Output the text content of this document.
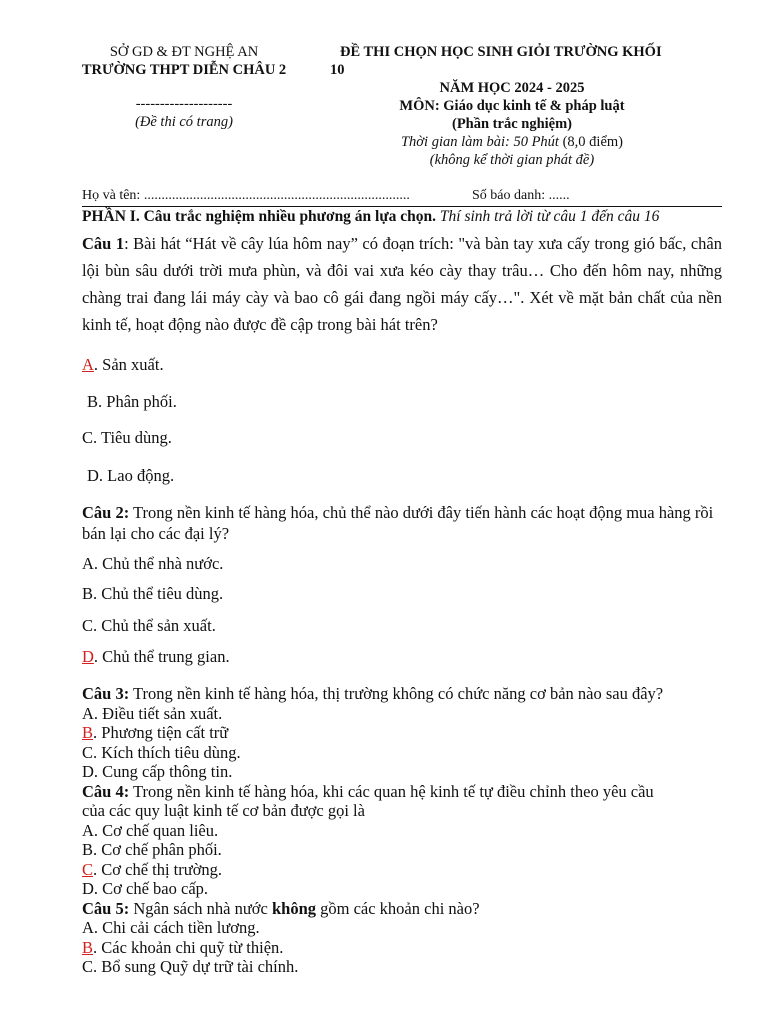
SỞ GD & ĐT NGHỆ AN
TRƯỜNG THPT DIỄN CHÂU 2
--------------------
(Đề thi có trang)
ĐỀ THI CHỌN HỌC SINH GIỎI TRƯỜNG KHỐI
10
NĂM HỌC 2024 - 2025
MÔN: Giáo dục kinh tế & pháp luật
(Phần trắc nghiệm)
Thời gian làm bài: 50 Phút (8,0 điểm)
(không kể thời gian phát đề)
Họ và tên: ............................................................................	Số báo danh: ......
PHẦN I. Câu trắc nghiệm nhiều phương án lựa chọn. Thí sinh trả lời từ câu 1 đến câu 16
Câu 1: Bài hát “Hát về cây lúa hôm nay” có đoạn trích: "và bàn tay xưa cấy trong gió bấc, chân lội bùn sâu dưới trời mưa phùn, và đôi vai xưa kéo cày thay trâu… Cho đến hôm nay, những chàng trai đang lái máy cày và bao cô gái đang ngồi máy cấy…". Xét về mặt bản chất của nền kinh tế, hoạt động nào được đề cập trong bài hát trên?
A. Sản xuất.
B. Phân phối.
C. Tiêu dùng.
D. Lao động.
Câu 2: Trong nền kinh tế hàng hóa, chủ thể nào dưới đây tiến hành các hoạt động mua hàng rồi bán lại cho các đại lý?
A. Chủ thể nhà nước.
B. Chủ thể tiêu dùng.
C. Chủ thể sản xuất.
D. Chủ thể trung gian.
Câu 3: Trong nền kinh tế hàng hóa, thị trường không có chức năng cơ bản nào sau đây?
A. Điều tiết sản xuất.
B. Phương tiện cất trữ
C. Kích thích tiêu dùng.
D. Cung cấp thông tin.
Câu 4: Trong nền kinh tế hàng hóa, khi các quan hệ kinh tế tự điều chỉnh theo yêu cầu
của các quy luật kinh tế cơ bản được gọi là
A. Cơ chế quan liêu.
B. Cơ chế phân phối.
C. Cơ chế thị trường.
D. Cơ chế bao cấp.
Câu 5: Ngân sách nhà nước không gồm các khoản chi nào?
A. Chi cải cách tiền lương.
B. Các khoản chi quỹ từ thiện.
C. Bổ sung Quỹ dự trữ tài chính.
